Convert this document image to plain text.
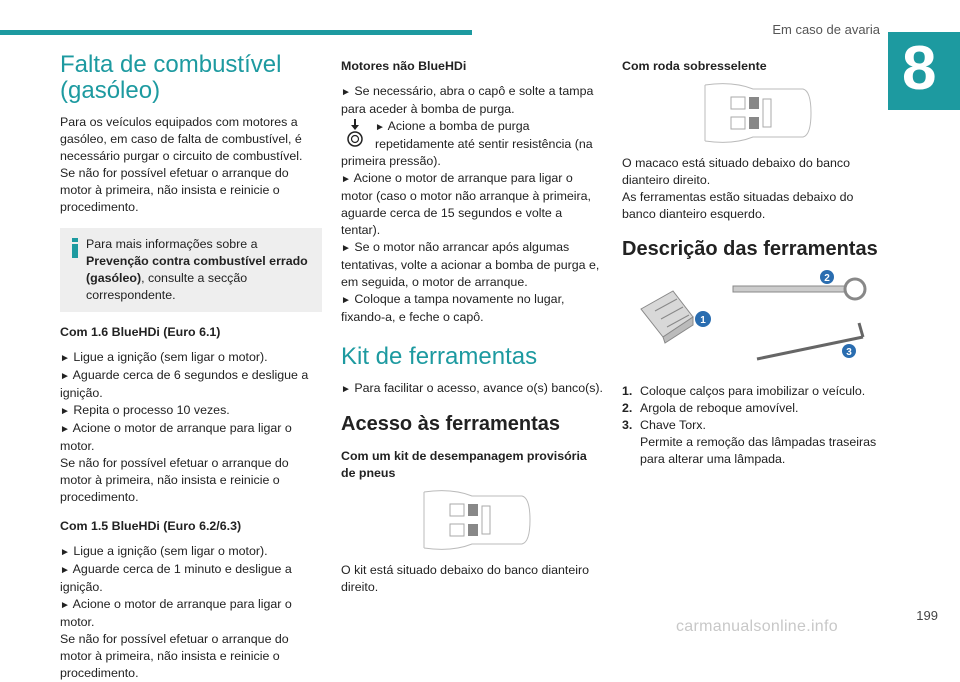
Em caso de avaria
8
Falta de combustível (gasóleo)

Para os veículos equipados com motores a gasóleo, em caso de falta de combustível, é necessário purgar o circuito de combustível.

Se não for possível efetuar o arranque do motor à primeira, não insista e reinicie o procedimento.

Para mais informações sobre a Prevenção contra combustível errado (gasóleo), consulte a secção correspondente.
Com 1.6 BlueHDi (Euro 6.1)

► Ligue a ignição (sem ligar o motor).

► Aguarde cerca de 6 segundos e desligue a ignição.

► Repita o processo 10 vezes.

► Acione o motor de arranque para ligar o motor.

Se não for possível efetuar o arranque do motor à primeira, não insista e reinicie o procedimento.

Com 1.5 BlueHDi (Euro 6.2/6.3)

► Ligue a ignição (sem ligar o motor).

► Aguarde cerca de 1 minuto e desligue a ignição.

► Acione o motor de arranque para ligar o motor.

Se não for possível efetuar o arranque do motor à primeira, não insista e reinicie o procedimento.

Motores não BlueHDi

► Se necessário, abra o capô e solte a tampa para aceder à bomba de purga.

► Acione a bomba de purga repetidamente até sentir resistência (na primeira pressão).

► Acione o motor de arranque para ligar o motor (caso o motor não arranque à primeira, aguarde cerca de 15 segundos e volte a tentar).

► Se o motor não arrancar após algumas tentativas, volte a acionar a bomba de purga e, em seguida, o motor de arranque.

► Coloque a tampa novamente no lugar, fixando-a, e feche o capô.

Kit de ferramentas

► Para facilitar o acesso, avance o(s) banco(s).

Acesso às ferramentas
Com um kit de desempanagem provisória de pneus

O kit está situado debaixo do banco dianteiro direito.

Com roda sobresselente

O macaco está situado debaixo do banco dianteiro direito.

As ferramentas estão situadas debaixo do banco dianteiro esquerdo.

Descrição das ferramentas
1
2
3
1. Coloque calços para imobilizar o veículo.
2. Argola de reboque amovível.
3. Chave Torx.
Permite a remoção das lâmpadas traseiras para alterar uma lâmpada.
199
carmanualsonline.info
